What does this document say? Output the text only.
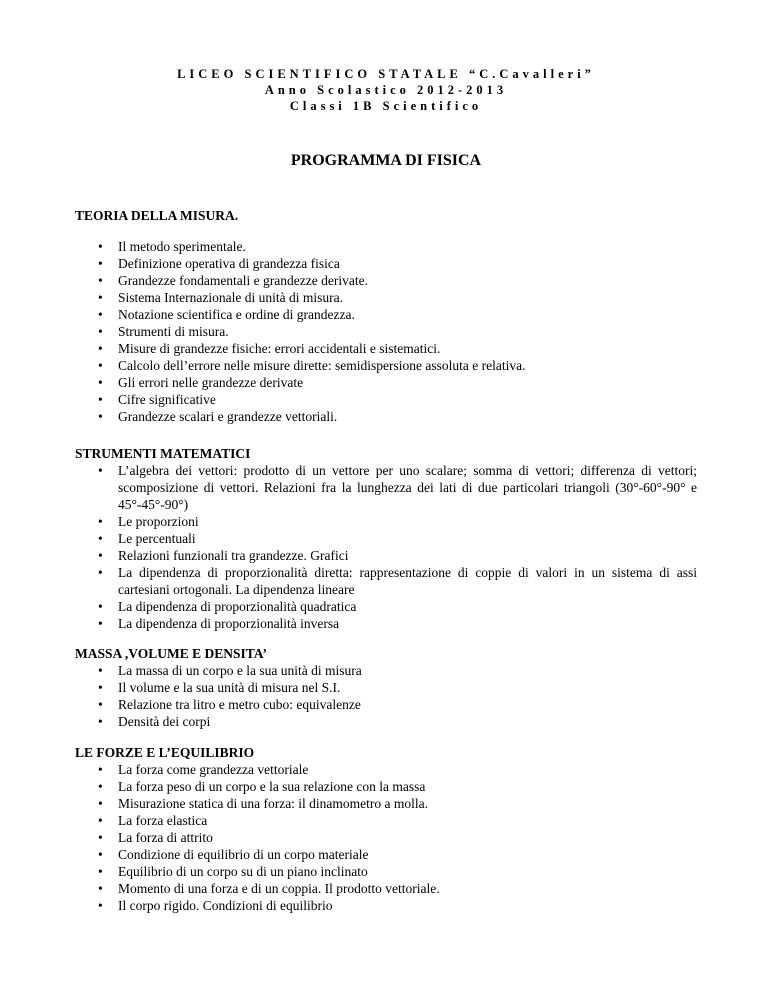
LICEO SCIENTIFICO STATALE “C.Cavalleri”
Anno Scolastico 2012-2013
Classi 1B Scientifico
PROGRAMMA DI FISICA
TEORIA DELLA MISURA.
• Il metodo sperimentale.
• Definizione operativa di grandezza fisica
• Grandezze fondamentali e grandezze derivate.
• Sistema Internazionale di unità di misura.
• Notazione scientifica e ordine di grandezza.
• Strumenti di misura.
• Misure di grandezze fisiche: errori accidentali e sistematici.
• Calcolo dell’errore nelle misure dirette: semidispersione assoluta e relativa.
• Gli errori nelle grandezze derivate
• Cifre significative
• Grandezze scalari e grandezze vettoriali.
STRUMENTI MATEMATICI
• L’algebra dei vettori: prodotto di un vettore per uno scalare; somma di vettori; differenza di vettori; scomposizione di vettori. Relazioni fra la lunghezza dei lati di due particolari triangoli (30°-60°-90° e 45°-45°-90°)
• Le proporzioni
• Le percentuali
• Relazioni funzionali tra grandezze. Grafici
• La dipendenza di proporzionalità diretta: rappresentazione di coppie di valori in un sistema di assi cartesiani ortogonali. La dipendenza lineare
• La dipendenza di proporzionalità quadratica
• La dipendenza di proporzionalità inversa
MASSA ,VOLUME E DENSITA’
• La massa di un corpo e la sua unità di misura
• Il volume e la sua unità di misura nel S.I.
• Relazione tra litro e metro cubo: equivalenze
• Densità dei corpi
LE FORZE E L’EQUILIBRIO
• La forza come grandezza vettoriale
• La forza peso di un corpo e la sua relazione con la massa
• Misurazione statica di una forza: il dinamometro a molla.
• La forza elastica
• La forza di attrito
• Condizione di equilibrio di un corpo materiale
• Equilibrio di un corpo su di un piano inclinato
• Momento di una forza e di un coppia. Il prodotto vettoriale.
• Il corpo rigido. Condizioni di equilibrio
